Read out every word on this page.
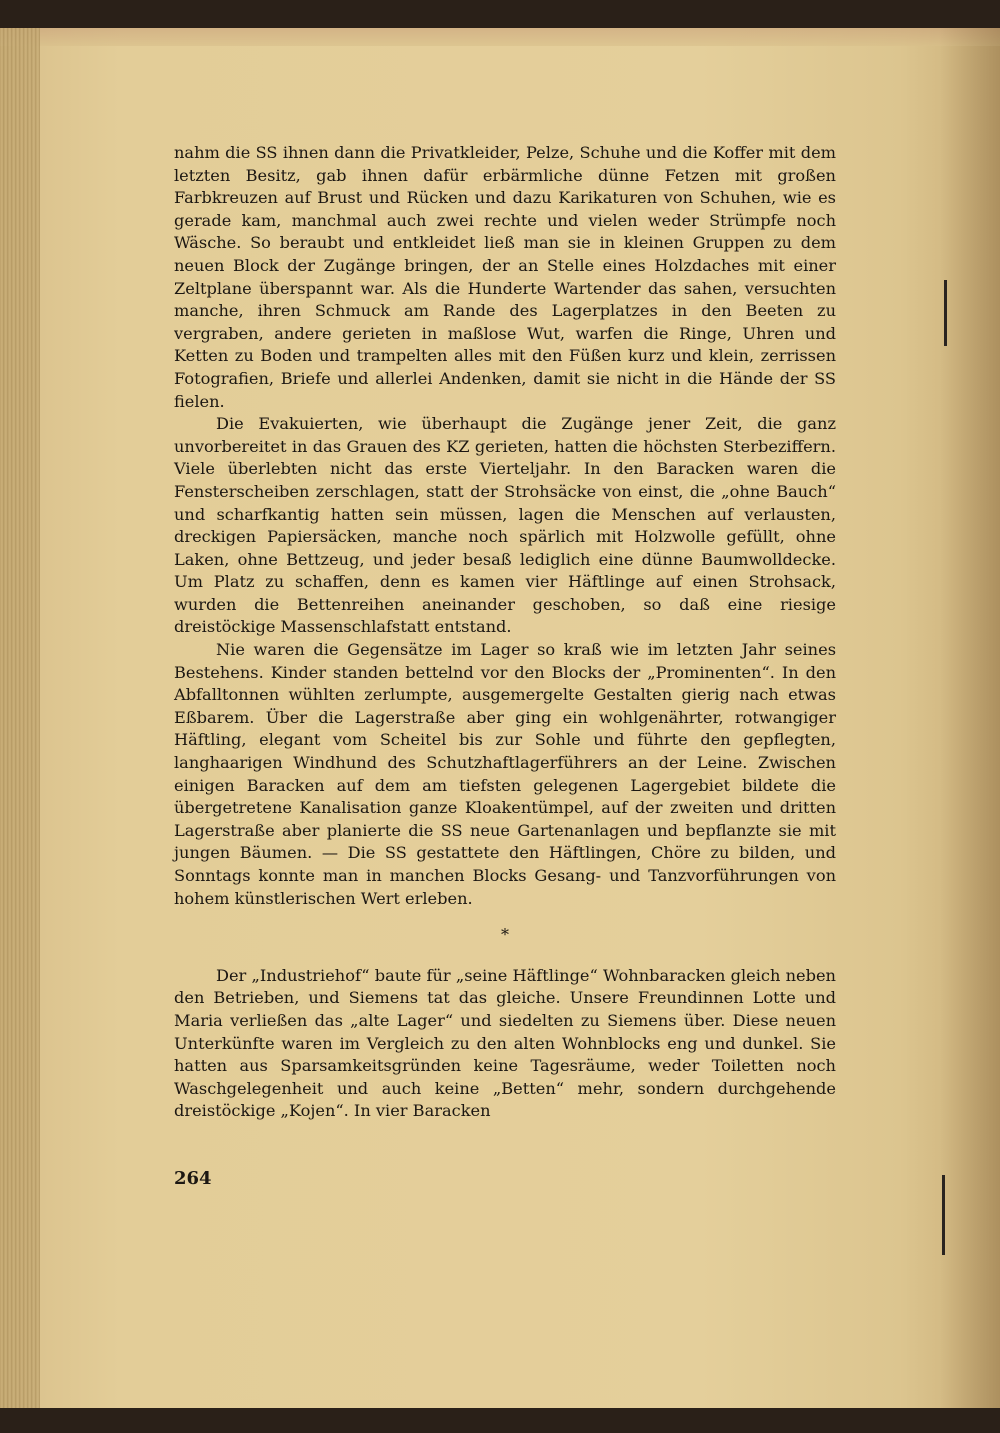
nahm die SS ihnen dann die Privatkleider, Pelze, Schuhe und die Koffer mit dem letzten Besitz, gab ihnen dafür erbärmliche dünne Fetzen mit großen Farbkreuzen auf Brust und Rücken und dazu Karikaturen von Schuhen, wie es gerade kam, manchmal auch zwei rechte und vielen weder Strümpfe noch Wäsche. So beraubt und entkleidet ließ man sie in kleinen Gruppen zu dem neuen Block der Zugänge bringen, der an Stelle eines Holzdaches mit einer Zeltplane überspannt war. Als die Hunderte Wartender das sahen, versuchten manche, ihren Schmuck am Rande des Lagerplatzes in den Beeten zu vergraben, andere gerieten in maßlose Wut, warfen die Ringe, Uhren und Ketten zu Boden und trampelten alles mit den Füßen kurz und klein, zerrissen Fotografien, Briefe und allerlei Andenken, damit sie nicht in die Hände der SS fielen.

Die Evakuierten, wie überhaupt die Zugänge jener Zeit, die ganz unvorbereitet in das Grauen des KZ gerieten, hatten die höchsten Sterbeziffern. Viele überlebten nicht das erste Vierteljahr. In den Baracken waren die Fensterscheiben zerschlagen, statt der Strohsäcke von einst, die „ohne Bauch“ und scharfkantig hatten sein müssen, lagen die Menschen auf verlausten, dreckigen Papiersäcken, manche noch spärlich mit Holzwolle gefüllt, ohne Laken, ohne Bettzeug, und jeder besaß lediglich eine dünne Baumwolldecke. Um Platz zu schaffen, denn es kamen vier Häftlinge auf einen Strohsack, wurden die Bettenreihen aneinander geschoben, so daß eine riesige dreistöckige Massenschlafstatt entstand.

Nie waren die Gegensätze im Lager so kraß wie im letzten Jahr seines Bestehens. Kinder standen bettelnd vor den Blocks der „Prominenten“. In den Abfalltonnen wühlten zerlumpte, ausgemergelte Gestalten gierig nach etwas Eßbarem. Über die Lagerstraße aber ging ein wohlgenährter, rotwangiger Häftling, elegant vom Scheitel bis zur Sohle und führte den gepflegten, langhaarigen Windhund des Schutzhaftlagerführers an der Leine. Zwischen einigen Baracken auf dem am tiefsten gelegenen Lagergebiet bildete die übergetretene Kanalisation ganze Kloakentümpel, auf der zweiten und dritten Lagerstraße aber planierte die SS neue Gartenanlagen und bepflanzte sie mit jungen Bäumen. — Die SS gestattete den Häftlingen, Chöre zu bilden, und Sonntags konnte man in manchen Blocks Gesang- und Tanzvorführungen von hohem künstlerischen Wert erleben.

*

Der „Industriehof“ baute für „seine Häftlinge“ Wohnbaracken gleich neben den Betrieben, und Siemens tat das gleiche. Unsere Freundinnen Lotte und Maria verließen das „alte Lager“ und siedelten zu Siemens über. Diese neuen Unterkünfte waren im Vergleich zu den alten Wohnblocks eng und dunkel. Sie hatten aus Sparsamkeitsgründen keine Tagesräume, weder Toiletten noch Waschgelegenheit und auch keine „Betten“ mehr, sondern durchgehende dreistöckige „Kojen“. In vier Baracken

264
